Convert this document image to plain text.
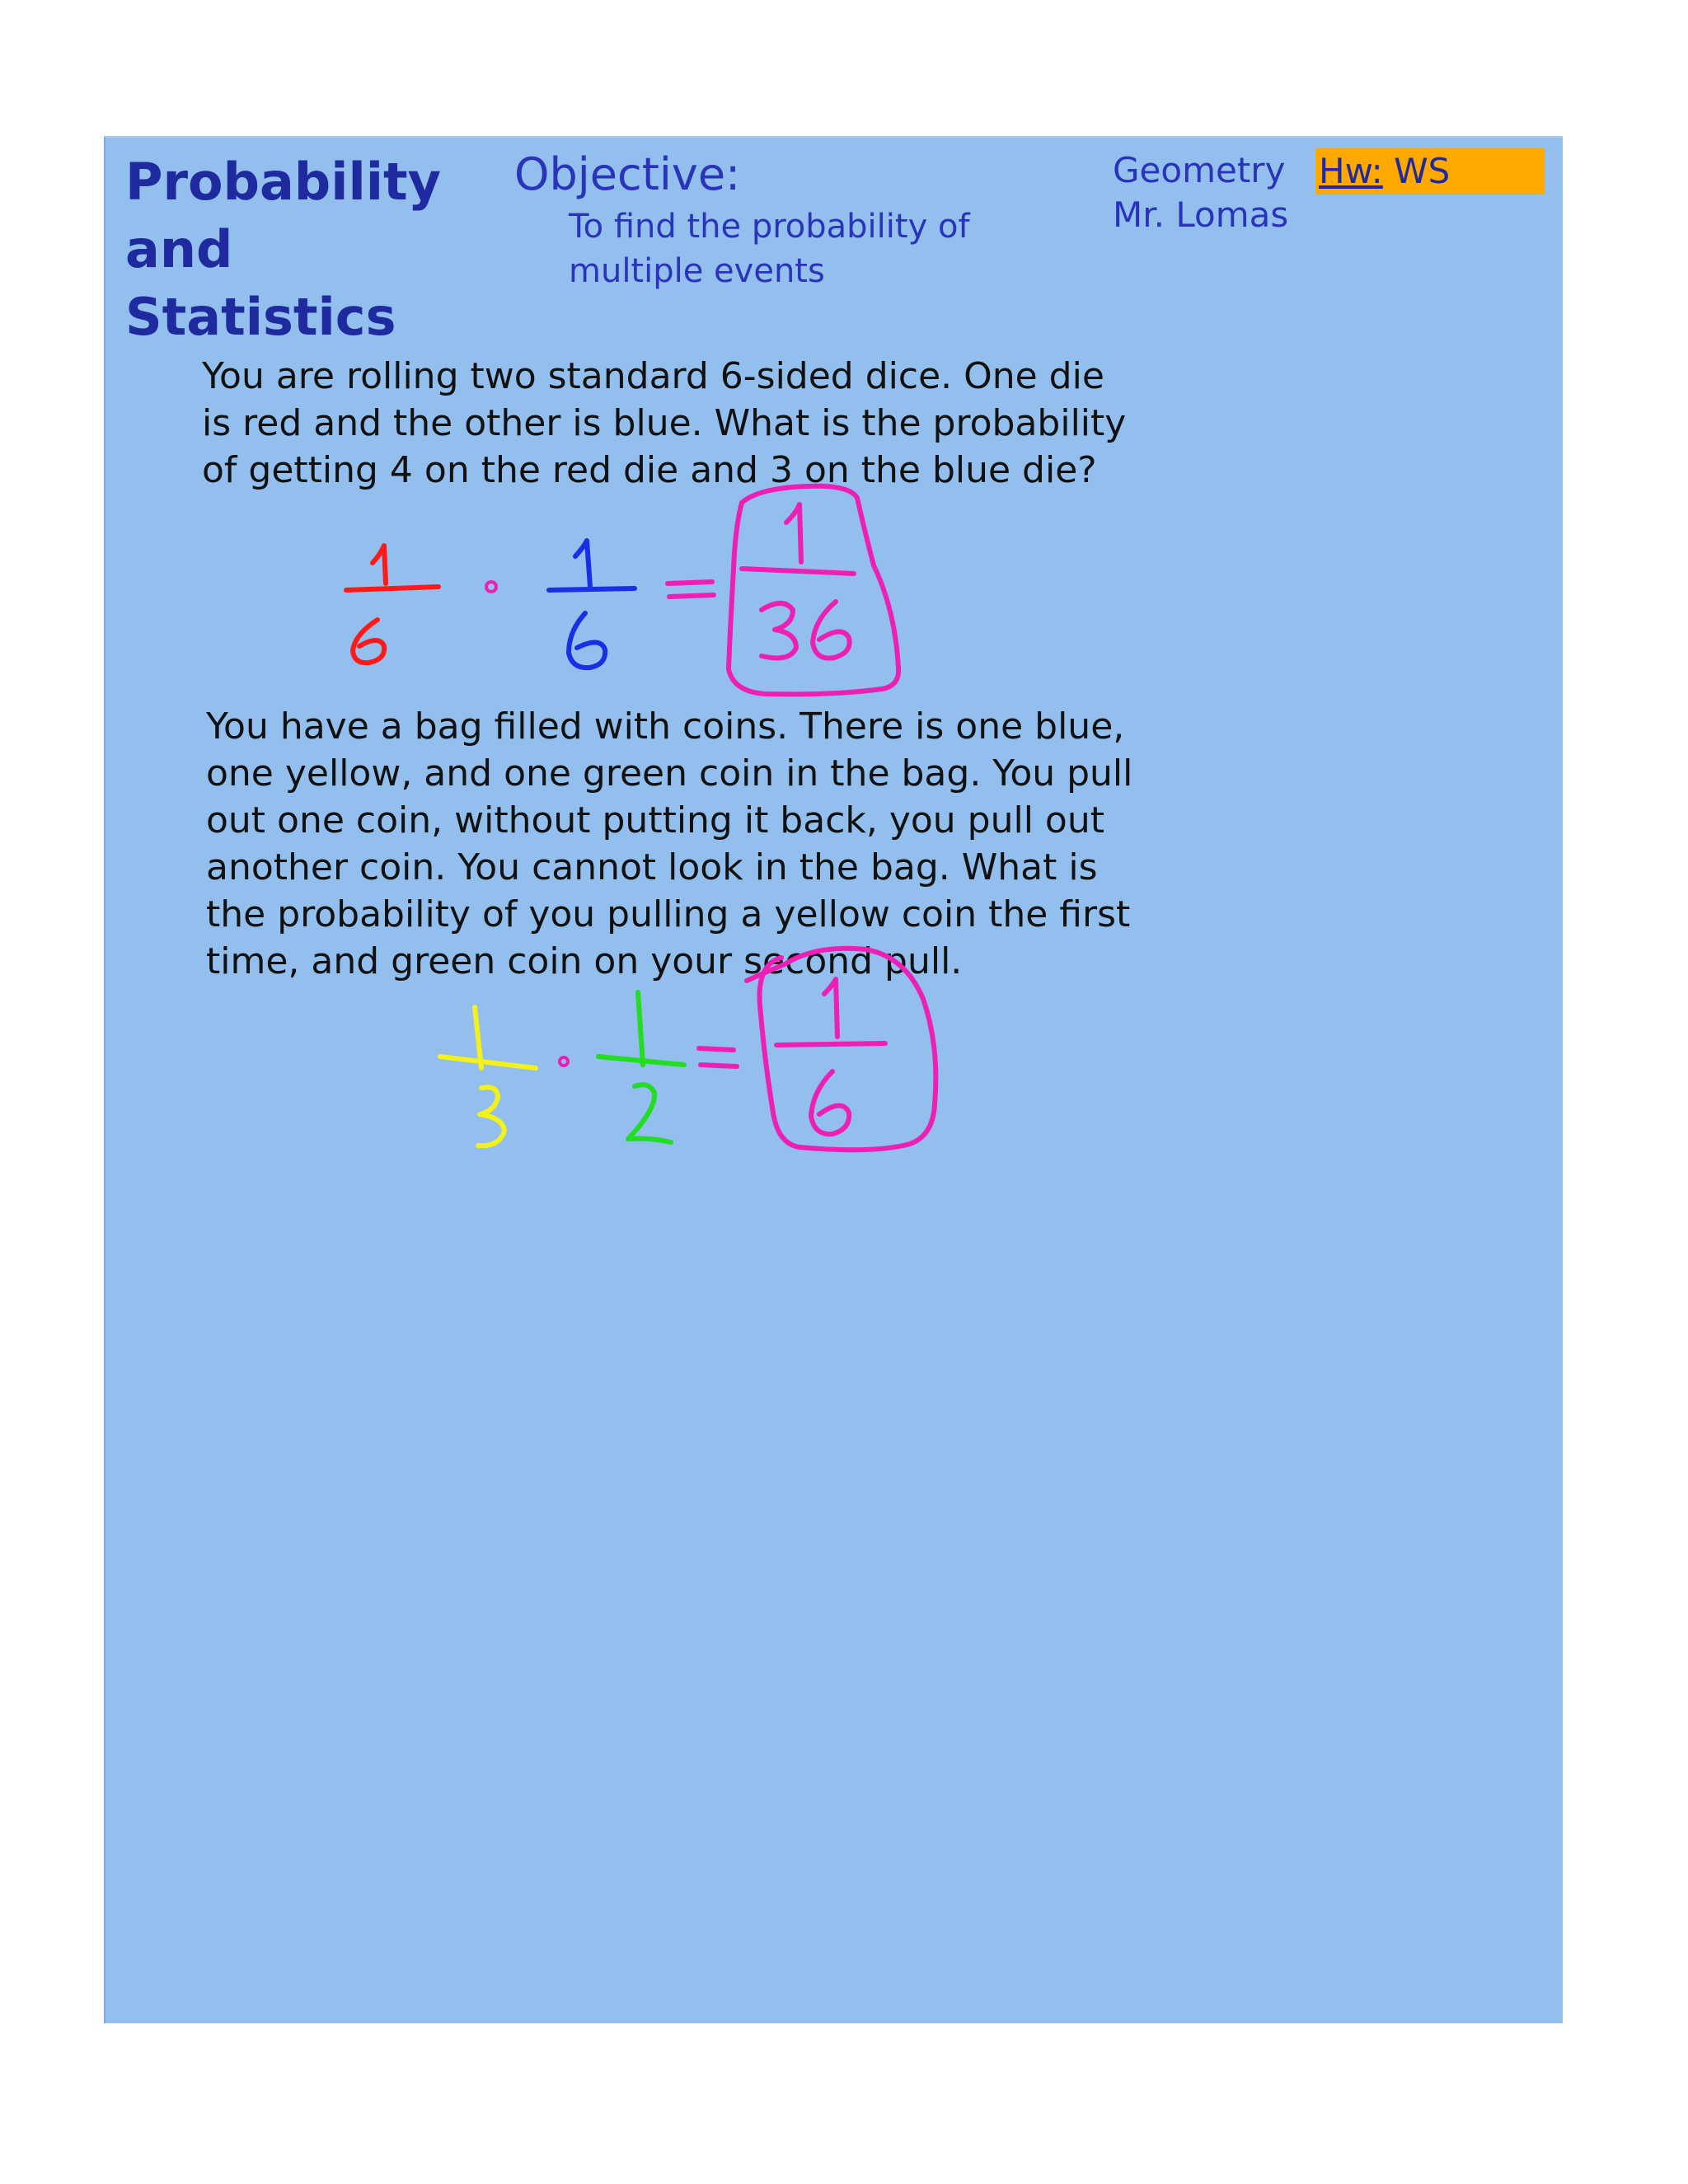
Probability
and Statistics

Objective:

To find the probability of multiple events

Geometry
Mr. Lomas
Hw: WS

You are rolling two standard 6-sided dice. One die is red and the other is blue. What is the probability of getting 4 on the red die and 3 on the blue die?

You have a bag filled with coins. There is one blue, one yellow, and one green coin in the bag. You pull out one coin, without putting it back, you pull out another coin. You cannot look in the bag. What is the probability of you pulling a yellow coin the first time, and green coin on your second pull.
